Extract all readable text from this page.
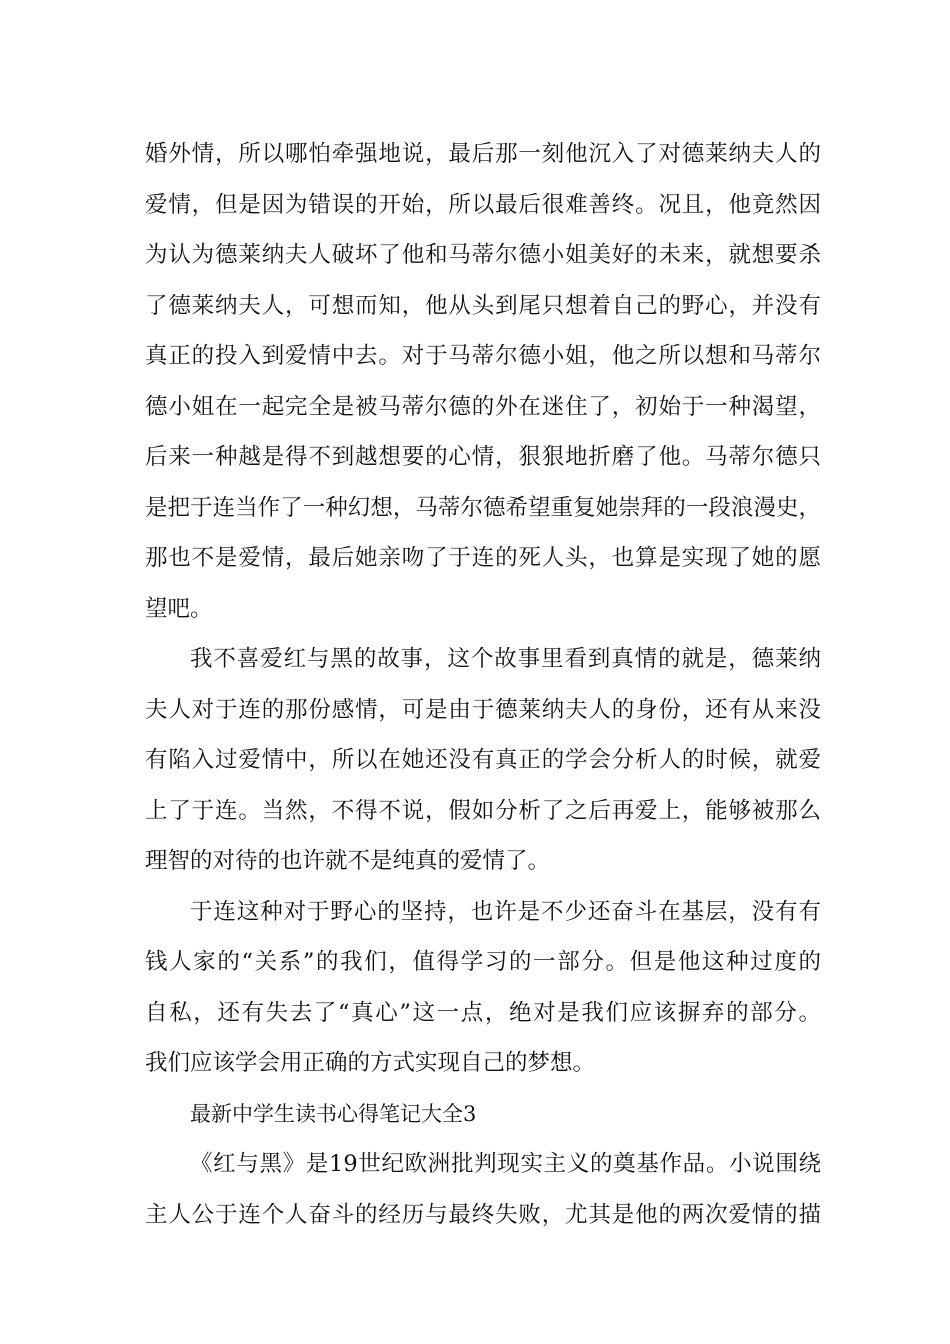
婚外情，所以哪怕牵强地说，最后那一刻他沉入了对德莱纳夫人的
爱情，但是因为错误的开始，所以最后很难善终。况且，他竟然因
为认为德莱纳夫人破坏了他和马蒂尔德小姐美好的未来，就想要杀
了德莱纳夫人，可想而知，他从头到尾只想着自己的野心，并没有
真正的投入到爱情中去。对于马蒂尔德小姐，他之所以想和马蒂尔
德小姐在一起完全是被马蒂尔德的外在迷住了，初始于一种渴望，
后来一种越是得不到越想要的心情，狠狠地折磨了他。马蒂尔德只
是把于连当作了一种幻想，马蒂尔德希望重复她崇拜的一段浪漫史，
那也不是爱情，最后她亲吻了于连的死人头，也算是实现了她的愿
望吧。
我不喜爱红与黑的故事，这个故事里看到真情的就是，德莱纳
夫人对于连的那份感情，可是由于德莱纳夫人的身份，还有从来没
有陷入过爱情中，所以在她还没有真正的学会分析人的时候，就爱
上了于连。当然，不得不说，假如分析了之后再爱上，能够被那么
理智的对待的也许就不是纯真的爱情了。
于连这种对于野心的坚持，也许是不少还奋斗在基层，没有有
钱人家的“关系”的我们，值得学习的一部分。但是他这种过度的
自私，还有失去了“真心”这一点，绝对是我们应该摒弃的部分。
我们应该学会用正确的方式实现自己的梦想。
最新中学生读书心得笔记大全3
《红与黑》是19世纪欧洲批判现实主义的奠基作品。小说围绕
主人公于连个人奋斗的经历与最终失败，尤其是他的两次爱情的描
